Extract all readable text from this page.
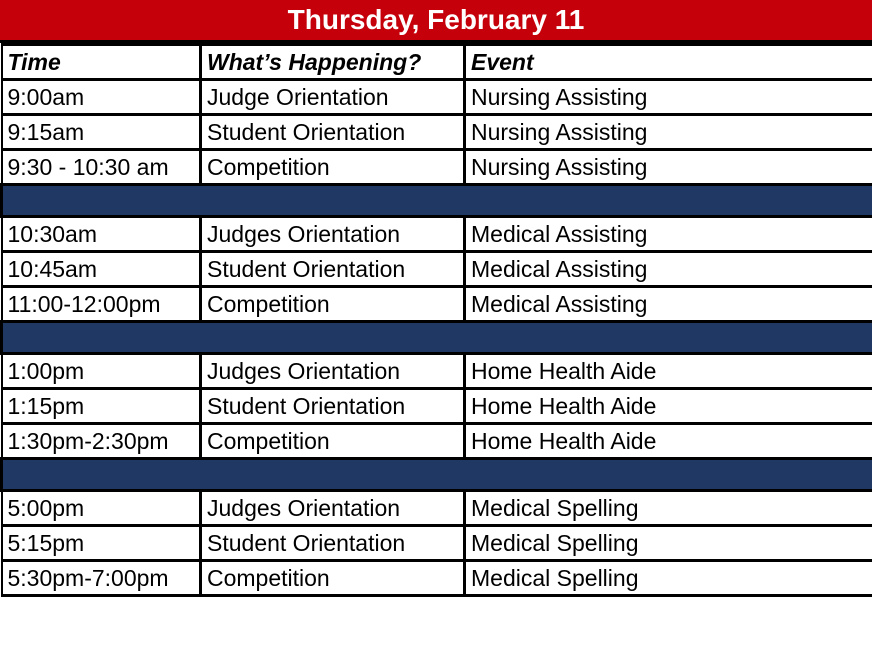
Thursday, February 11
Time	What’s Happening?	Event
9:00am	Judge Orientation	Nursing Assisting
9:15am	Student Orientation	Nursing Assisting
9:30 - 10:30 am	Competition	Nursing Assisting

10:30am	Judges Orientation	Medical Assisting
10:45am	Student Orientation	Medical Assisting
11:00-12:00pm	Competition	Medical Assisting

1:00pm	Judges Orientation	Home Health Aide
1:15pm	Student Orientation	Home Health Aide
1:30pm-2:30pm	Competition	Home Health Aide

5:00pm	Judges Orientation	Medical Spelling
5:15pm	Student Orientation	Medical Spelling
5:30pm-7:00pm	Competition	Medical Spelling
